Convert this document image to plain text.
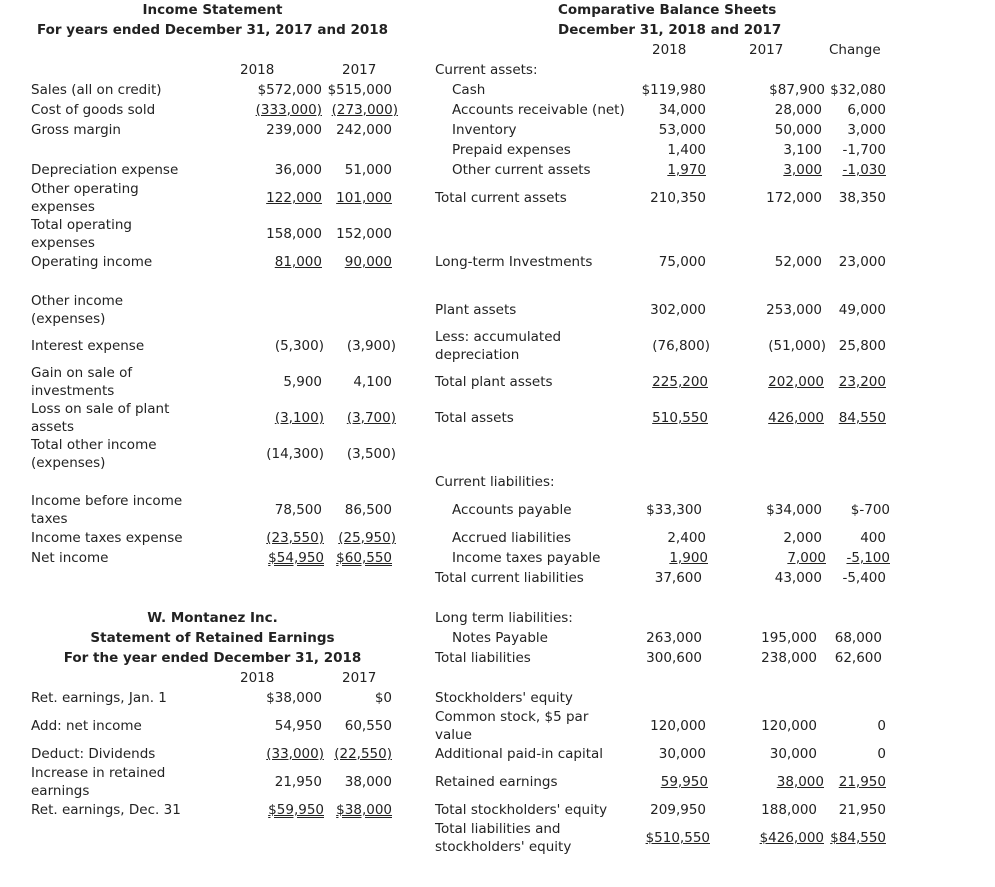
Income Statement
For years ended December 31, 2017 and 2018
2018	2017
Sales (all on credit)	$572,000 $515,000
Cost of goods sold	(333,000) (273,000)
Gross margin	239,000	242,000
Depreciation expense	36,000	51,000
Other operating
expenses
122,000	101,000
Total operating
expenses
158,000	152,000
Operating income	81,000	90,000
Other income
(expenses)
Interest expense	(5,300)	(3,900)
Gain on sale of
investments
5,900	4,100
Loss on sale of plant
assets
(3,100)	(3,700)
Total other income
(expenses)
(14,300)	(3,500)
Income before income
taxes
78,500	86,500
Income taxes expense	(23,550)	(25,950)
Net income	$54,950 $60,550
W. Montanez Inc.
Statement of Retained Earnings
For the year ended December 31, 2018
2018	2017
Ret. earnings, Jan. 1	$38,000	$0
Add: net income	54,950	60,550
Deduct: Dividends	(33,000) (22,550)
Increase in retained
earnings
21,950	38,000
Ret. earnings, Dec. 31	$59,950 $38,000
Comparative Balance Sheets
December 31, 2018 and 2017
2018	2017	Change
Current assets:
Cash	$119,980	$87,900 $32,080
Accounts receivable (net)	34,000	28,000	6,000
Inventory	53,000	50,000	3,000
Prepaid expenses	1,400	3,100	-1,700
Other current assets	1,970	3,000	-1,030
Total current assets	210,350	172,000	38,350
Long-term Investments	75,000	52,000	23,000
Plant assets	302,000	253,000	49,000
Less: accumulated
depreciation
(76,800)	(51,000) 25,800
Total plant assets	225,200	202,000	23,200
Total assets	510,550	426,000	84,550
Current liabilities:
Accounts payable	$33,300	$34,000	$-700
Accrued liabilities	2,400	2,000	400
Income taxes payable	1,900	7,000	-5,100
Total current liabilities	37,600	43,000	-5,400
Long term liabilities:
Notes Payable	263,000	195,000	68,000
Total liabilities	300,600	238,000	62,600
Stockholders' equity
Common stock, $5 par
value
120,000	120,000	0
Additional paid-in capital	30,000	30,000	0
Retained earnings	59,950	38,000	21,950
Total stockholders' equity	209,950	188,000	21,950
Total liabilities and
stockholders' equity
$510,550	$426,000 $84,550
